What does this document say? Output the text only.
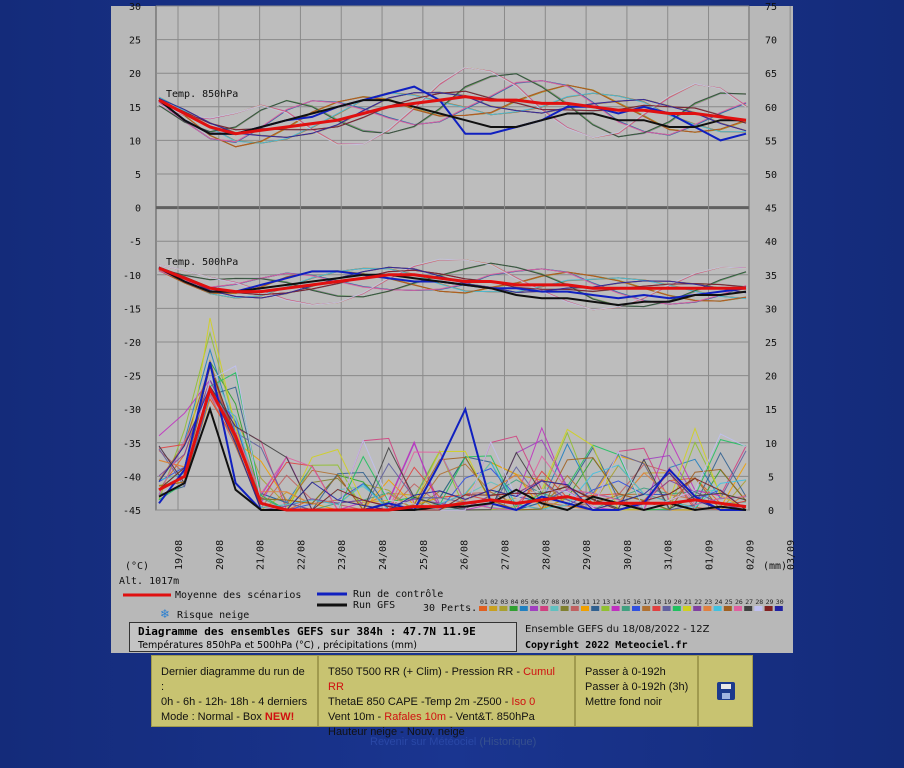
30	75
25	70
20	65
15	60
10	55
5	50
0	45
-5	40
-10	35
-15	30
-20	25
-25	20
-30	15
-35	10
-40	5
-45	0
19/08	20/08	21/08	22/08	23/08	24/08	25/08	26/08	27/08	28/08	29/08	30/08	31/08	01/09	02/09	03/09
(°C)	(mm)
Alt. 1017m
Temp. 850hPa
Temp. 500hPa
Moyenne des scénarios	Run de contrôle
Run GFS	30 Perts.
❄ Risque neige
01 02 03 04 05 06 07 08 09 10 11 12 13 14 15 16 17 18 19 20 21 22 23 24 25 26 27 28 29 30
Diagramme des ensembles GEFS sur 384h : 47.7N 11.9E
Températures 850hPa et 500hPa (°C) , précipitations (mm)
Ensemble GEFS du 18/08/2022 - 12Z
Copyright 2022 Meteociel.fr
Dernier diagramme du run de :
0h - 6h - 12h- 18h - 4 derniers
Mode : Normal - Box NEW!
T850 T500 RR (+ Clim) - Pression RR - Cumul RR
ThetaE 850 CAPE -Temp 2m -Z500 - Iso 0
Vent 10m - Rafales 10m - Vent&T. 850hPa
Hauteur neige - Nouv. neige
Passer à 0-192h
Passer à 0-192h (3h)
Mettre fond noir
Revenir sur Météociel (Historique)
